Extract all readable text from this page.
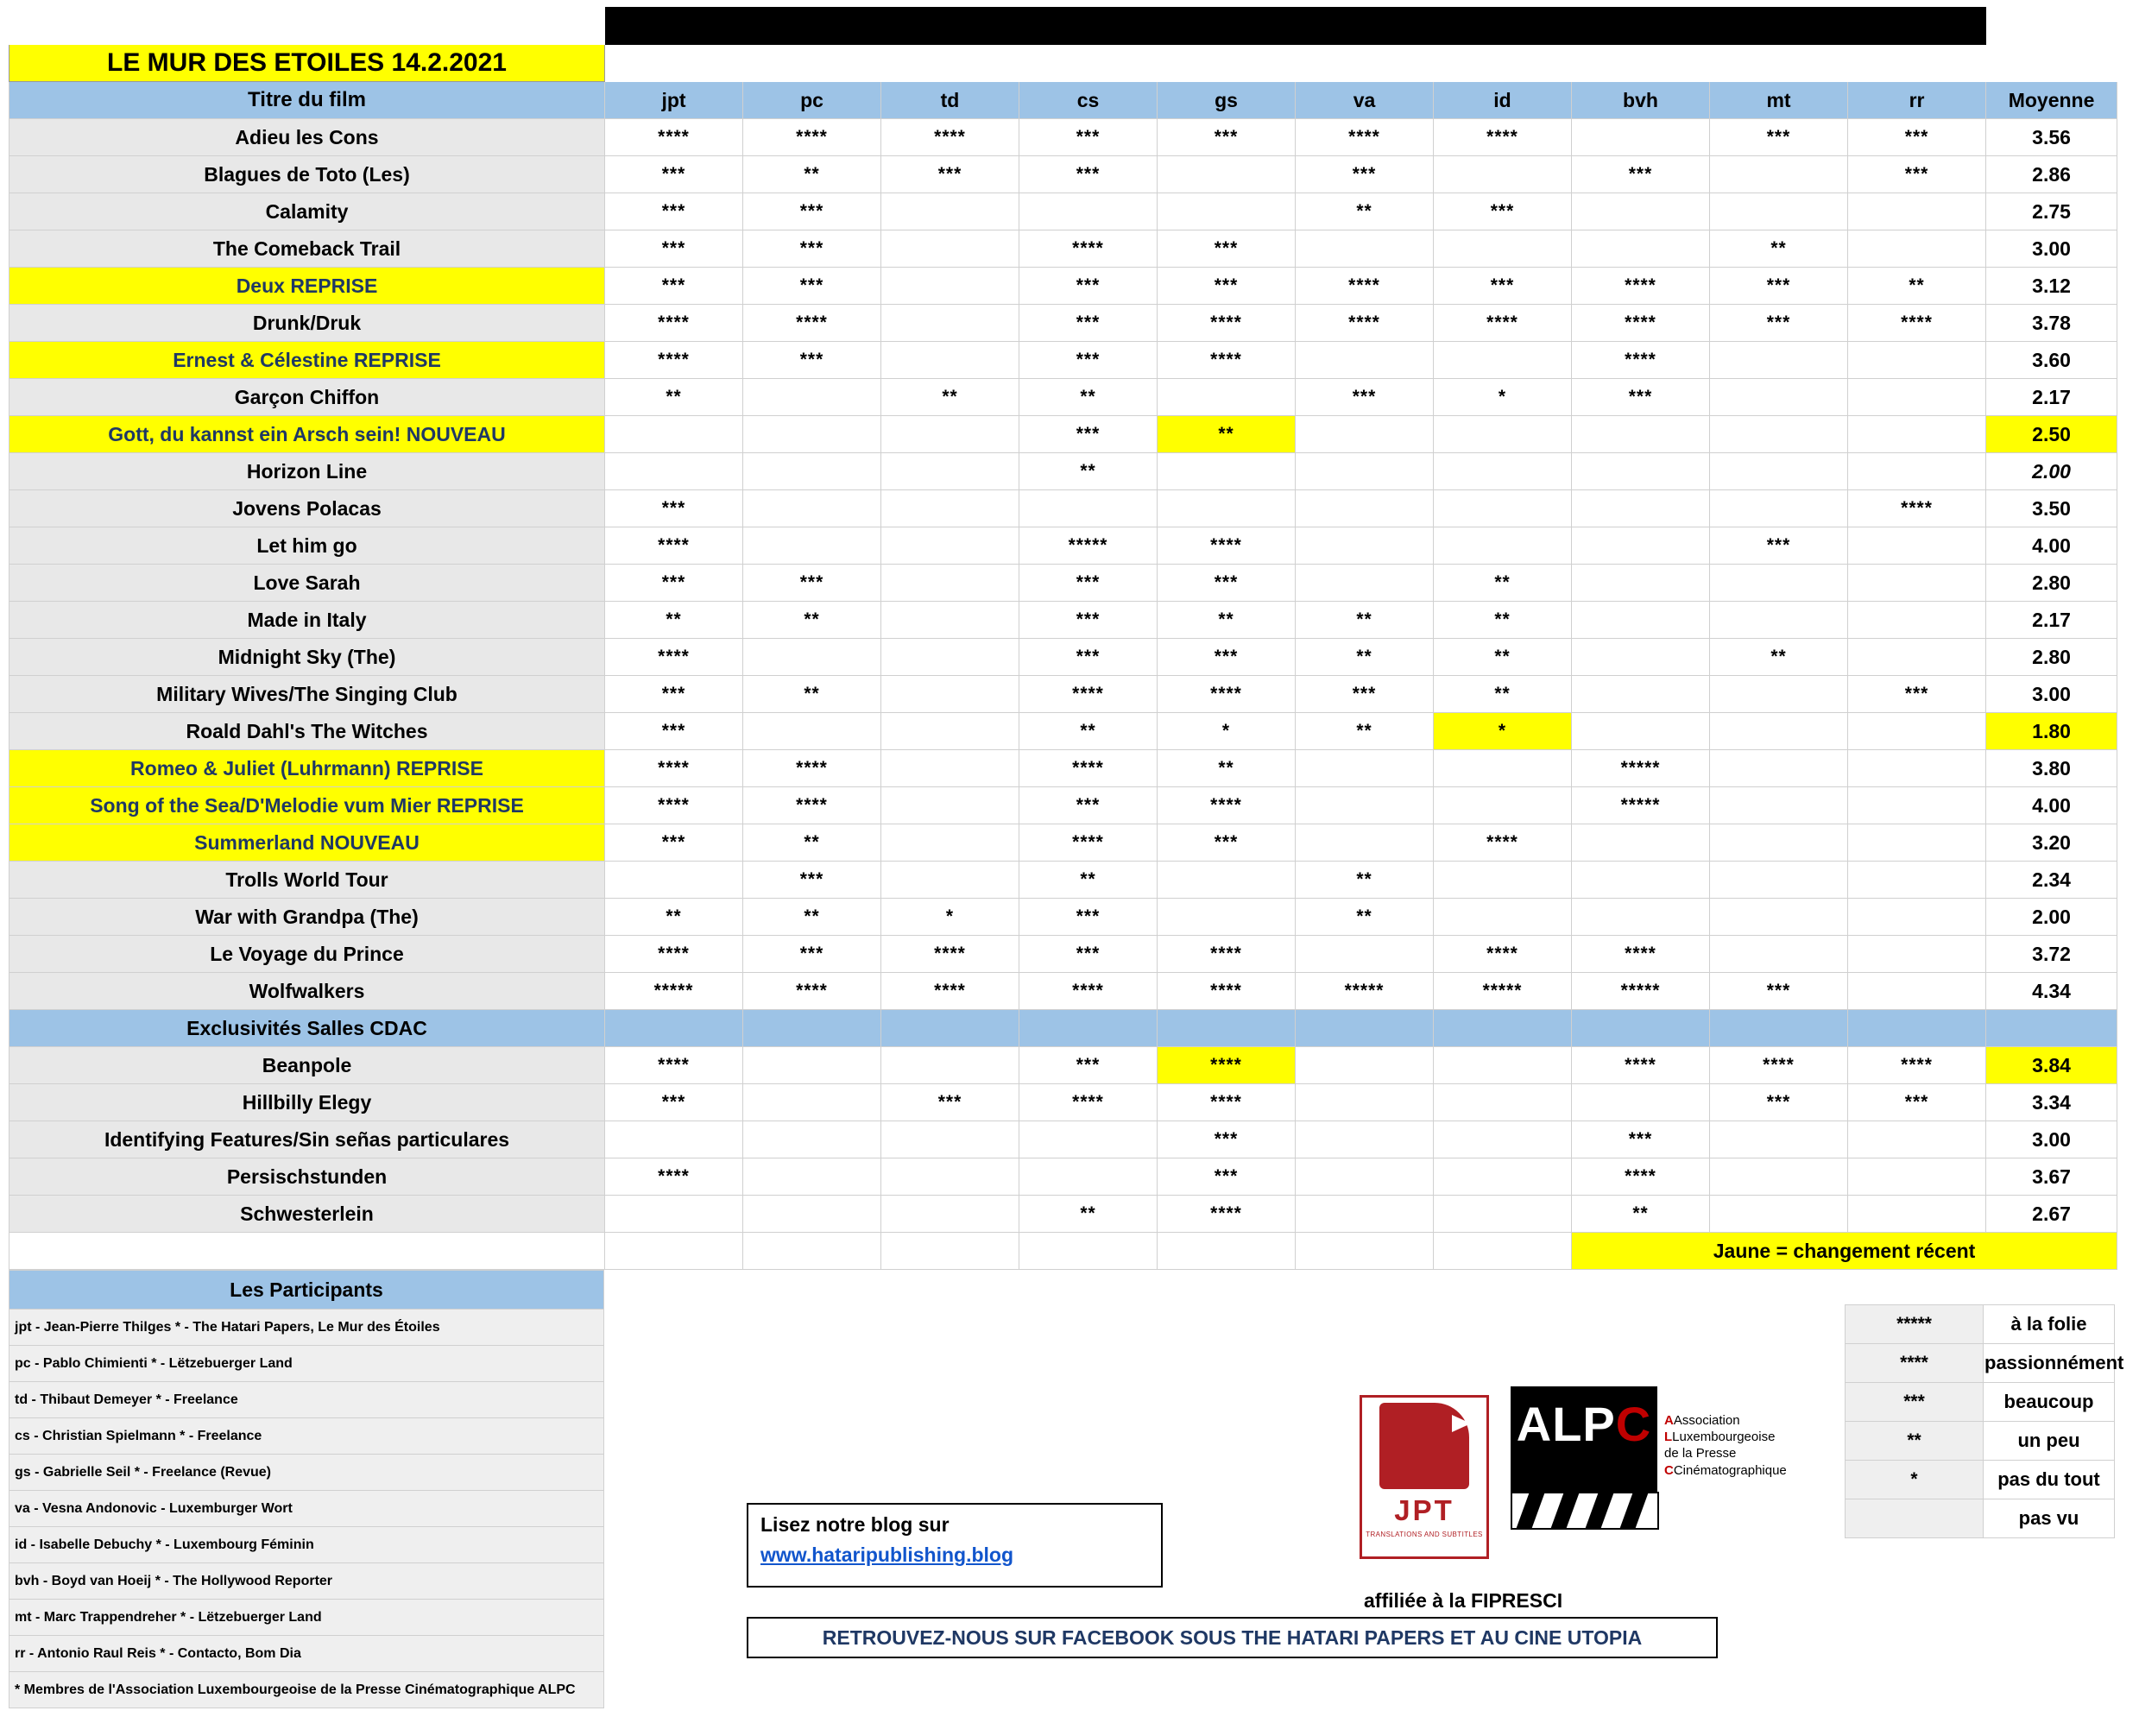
LE MUR DES ETOILES 14.2.2021											
Titre du film	jpt	pc	td	cs	gs	va	id	bvh	mt	rr	Moyenne
Adieu les Cons	****	****	****	***	***	****	****		***	***	3.56
Blagues de Toto (Les)	***	**	***	***		***		***		***	2.86
Calamity	***	***				**	***				2.75
The Comeback Trail	***	***		****	***				**		3.00
Deux REPRISE	***	***		***	***	****	***	****	***	**	3.12
Drunk/Druk	****	****		***	****	****	****	****	***	****	3.78
Ernest & Célestine REPRISE	****	***		***	****			****			3.60
Garçon Chiffon	**		**	**		***	*	***			2.17
Gott, du kannst ein Arsch sein! NOUVEAU				***	**						2.50
Horizon Line				**							2.00
Jovens Polacas	***									****	3.50
Let him go	****			*****	****				***		4.00
Love Sarah	***	***		***	***		**				2.80
Made in Italy	**	**		***	**	**	**				2.17
Midnight Sky (The)	****			***	***	**	**		**		2.80
Military Wives/The Singing Club	***	**		****	****	***	**			***	3.00
Roald Dahl's The Witches	***			**	*	**	*				1.80
Romeo & Juliet (Luhrmann) REPRISE	****	****		****	**			*****			3.80
Song of the Sea/D'Melodie vum Mier REPRISE	****	****		***	****			*****			4.00
Summerland NOUVEAU	***	**		****	***		****				3.20
Trolls World Tour		***		**		**					2.34
War with Grandpa (The)	**	**	*	***		**					2.00
Le Voyage du Prince	****	***	****	***	****		****	****			3.72
Wolfwalkers	*****	****	****	****	****	*****	*****	*****	***		4.34
Exclusivités Salles CDAC											
Beanpole	****			***	****			****	****	****	3.84
Hillbilly Elegy	***		***	****	****				***	***	3.34
Identifying Features/Sin señas particulares					***			***			3.00
Persischstunden	****				***			****			3.67
Schwesterlein				**	****			**			2.67
								Jaune = changement récent			
Les Participants
jpt - Jean-Pierre Thilges * - The Hatari Papers, Le Mur des Étoiles
pc - Pablo Chimienti * - Lëtzebuerger Land
td - Thibaut Demeyer * - Freelance
cs - Christian Spielmann * - Freelance
gs - Gabrielle Seil * - Freelance (Revue)
va - Vesna Andonovic - Luxemburger Wort
id - Isabelle Debuchy * - Luxembourg Féminin
bvh - Boyd van Hoeij * - The Hollywood Reporter
mt - Marc Trappendreher * - Lëtzebuerger Land
rr - Antonio Raul Reis * - Contacto, Bom Dia
* Membres de l'Association Luxembourgeoise de la Presse Cinématographique ALPC
*****	à la folie
****	passionnément
***	beaucoup
**	un peu
*	pas du tout
	pas vu
Lisez notre blog sur
www.hataripublishing.blog
RETROUVEZ-NOUS SUR FACEBOOK SOUS THE HATARI PAPERS ET AU CINE UTOPIA
JPT
TRANSLATIONS AND SUBTITLES
ALPC AAssociation
LLuxembourgeoise
de la Presse
CCinématographique
affiliée à la FIPRESCI
